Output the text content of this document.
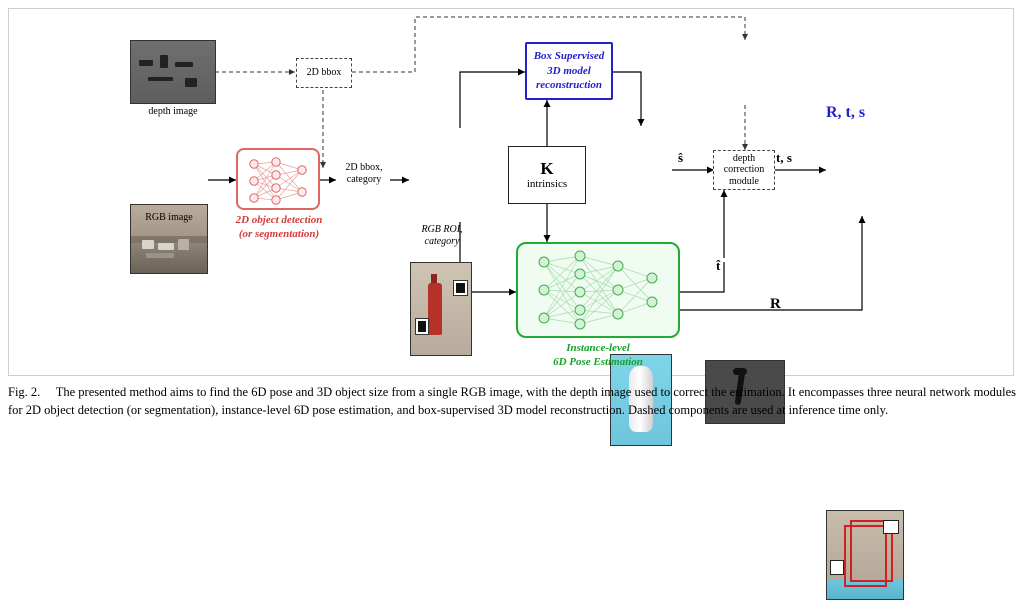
depth image
2D bbox
RGB image	2D object detection
(or segmentation)
2D bbox,
category
RGB ROI,
category
K
intrinsics
Box Supervised
3D model
reconstruction	Depth ROI
depth
correction
module
Instance-level
6D Pose Estimation
ŝ
t̂
t, s
R
R, t, s
Fig. 2. The presented method aims to find the 6D pose and 3D object size from a single RGB image, with the depth image used to correct the estimation. It encompasses three neural network modules for 2D object detection (or segmentation), instance-level 6D pose estimation, and box-supervised 3D model reconstruction. Dashed components are used at inference time only.
